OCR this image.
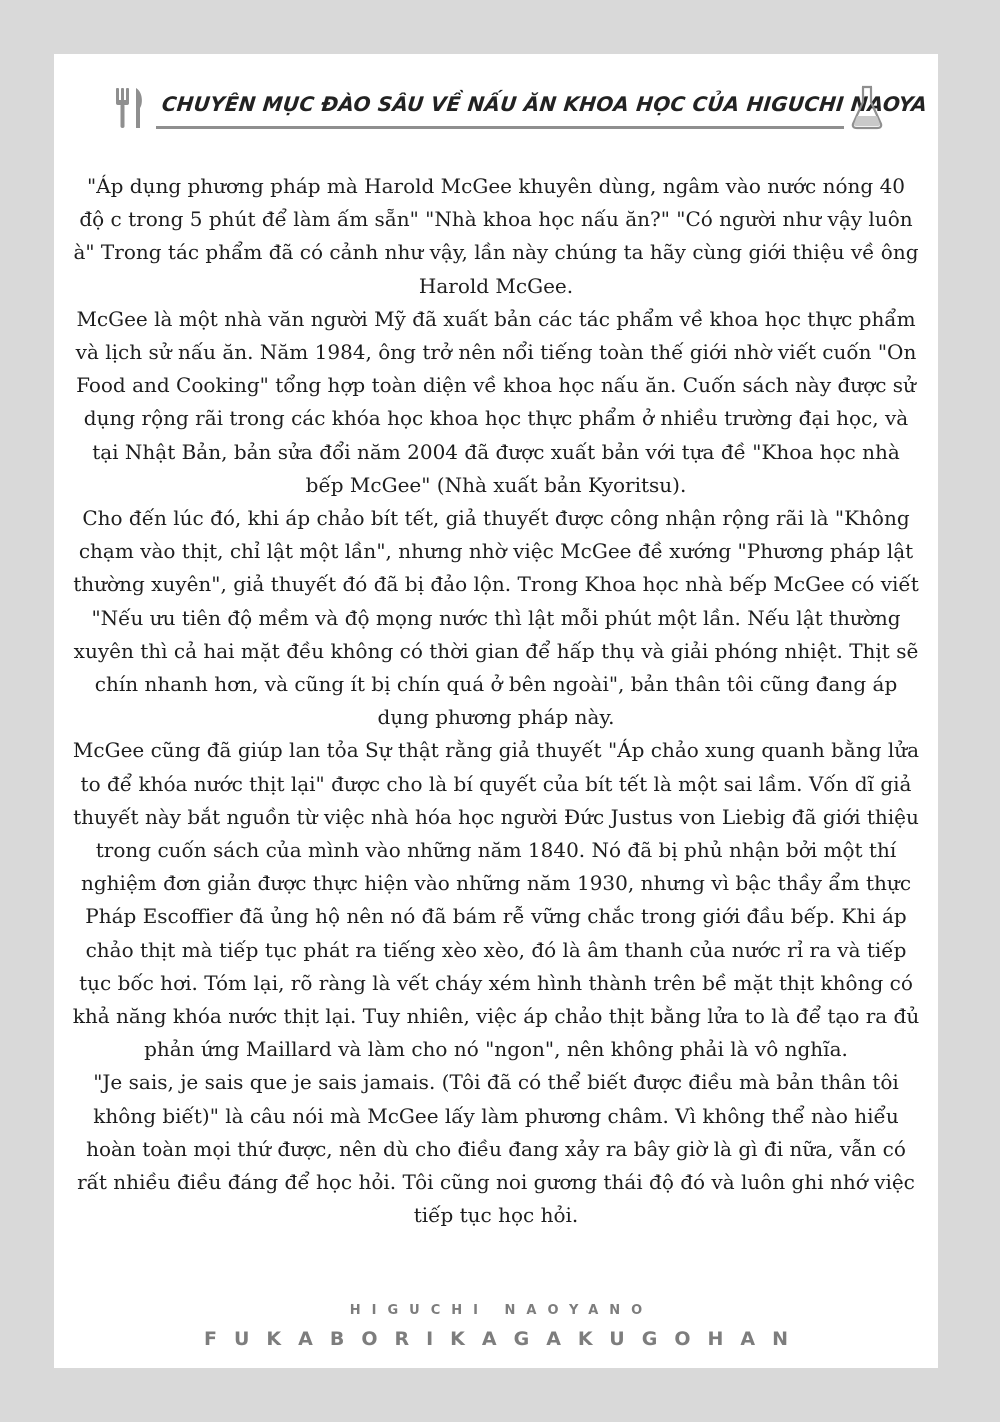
CHUYÊN MỤC ĐÀO SÂU VỀ NẤU ĂN KHOA HỌC CỦA HIGUCHI NAOYA

"Áp dụng phương pháp mà Harold McGee khuyên dùng, ngâm vào nước nóng 40 độ c trong 5 phút để làm ấm sẵn" "Nhà khoa học nấu ăn?" "Có người như vậy luôn à" Trong tác phẩm đã có cảnh như vậy, lần này chúng ta hãy cùng giới thiệu về ông Harold McGee.

McGee là một nhà văn người Mỹ đã xuất bản các tác phẩm về khoa học thực phẩm và lịch sử nấu ăn. Năm 1984, ông trở nên nổi tiếng toàn thế giới nhờ viết cuốn "On Food and Cooking" tổng hợp toàn diện về khoa học nấu ăn. Cuốn sách này được sử dụng rộng rãi trong các khóa học khoa học thực phẩm ở nhiều trường đại học, và tại Nhật Bản, bản sửa đổi năm 2004 đã được xuất bản với tựa đề "Khoa học nhà bếp McGee" (Nhà xuất bản Kyoritsu).

Cho đến lúc đó, khi áp chảo bít tết, giả thuyết được công nhận rộng rãi là "Không chạm vào thịt, chỉ lật một lần", nhưng nhờ việc McGee đề xướng "Phương pháp lật thường xuyên", giả thuyết đó đã bị đảo lộn. Trong Khoa học nhà bếp McGee có viết "Nếu ưu tiên độ mềm và độ mọng nước thì lật mỗi phút một lần. Nếu lật thường xuyên thì cả hai mặt đều không có thời gian để hấp thụ và giải phóng nhiệt. Thịt sẽ chín nhanh hơn, và cũng ít bị chín quá ở bên ngoài", bản thân tôi cũng đang áp dụng phương pháp này.

McGee cũng đã giúp lan tỏa Sự thật rằng giả thuyết "Áp chảo xung quanh bằng lửa to để khóa nước thịt lại" được cho là bí quyết của bít tết là một sai lầm. Vốn dĩ giả thuyết này bắt nguồn từ việc nhà hóa học người Đức Justus von Liebig đã giới thiệu trong cuốn sách của mình vào những năm 1840. Nó đã bị phủ nhận bởi một thí nghiệm đơn giản được thực hiện vào những năm 1930, nhưng vì bậc thầy ẩm thực Pháp Escoffier đã ủng hộ nên nó đã bám rễ vững chắc trong giới đầu bếp. Khi áp chảo thịt mà tiếp tục phát ra tiếng xèo xèo, đó là âm thanh của nước rỉ ra và tiếp tục bốc hơi. Tóm lại, rõ ràng là vết cháy xém hình thành trên bề mặt thịt không có khả năng khóa nước thịt lại. Tuy nhiên, việc áp chảo thịt bằng lửa to là để tạo ra đủ phản ứng Maillard và làm cho nó "ngon", nên không phải là vô nghĩa.

"Je sais, je sais que je sais jamais. (Tôi đã có thể biết được điều mà bản thân tôi không biết)" là câu nói mà McGee lấy làm phương châm. Vì không thể nào hiểu hoàn toàn mọi thứ được, nên dù cho điều đang xảy ra bây giờ là gì đi nữa, vẫn có rất nhiều điều đáng để học hỏi. Tôi cũng noi gương thái độ đó và luôn ghi nhớ việc tiếp tục học hỏi.

HIGUCHI NAOYANO
FUKABORIKAGAKUGOHAN
